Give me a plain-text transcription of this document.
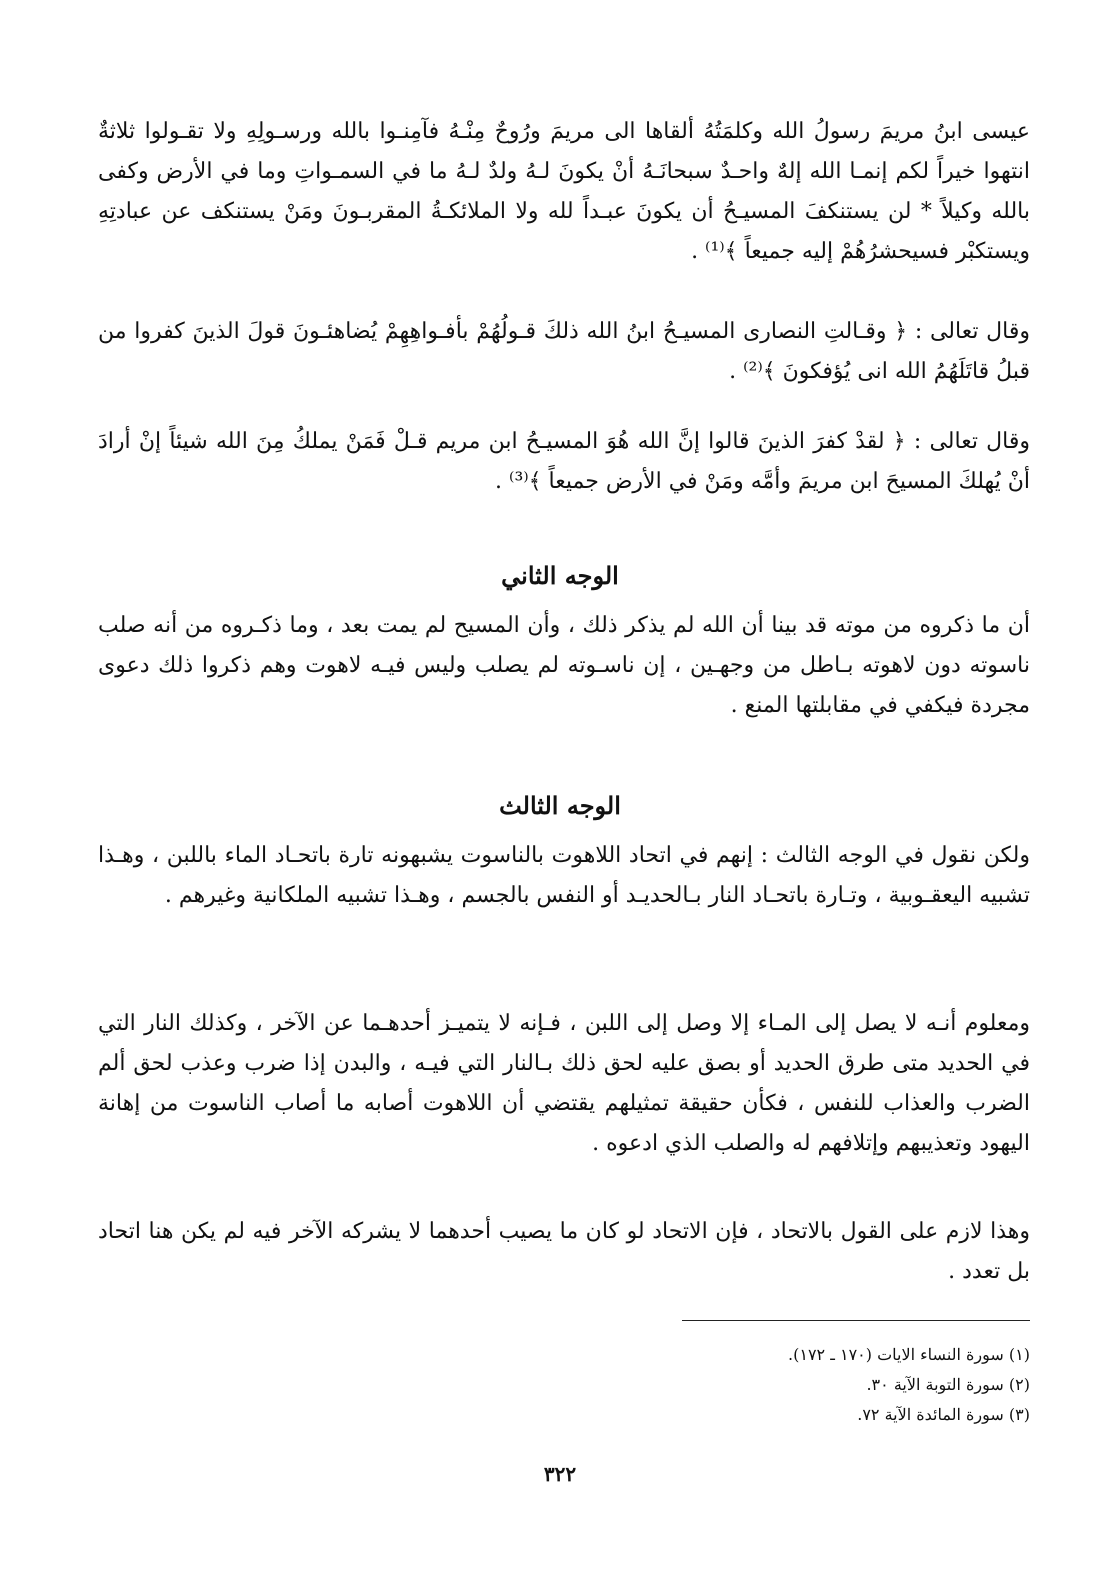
عيسى ابنُ مريمَ رسولُ الله وكلمَتُهُ ألقاها الى مريمَ ورُوحٌ مِنْـهُ فآمِنـوا بالله ورسـولِهِ ولا تقـولوا ثلاثةٌ انتهوا خيراً لكم إنمـا الله إلهٌ واحـدٌ سبحانَـهُ أنْ يكونَ لـهُ ولدٌ لـهُ ما في السمـواتِ وما في الأرض وكفى بالله وكيلاً * لن يستنكفَ المسيـحُ أن يكونَ عبـداً لله ولا الملائكـةُ المقربـونَ ومَنْ يستنكف عن عبادتِهِ ويستكبْر فسيحشرُهُمْ إليه جميعاً ﴾⁽¹⁾ .

وقال تعالى : ﴿ وقـالتِ النصارى المسيـحُ ابنُ الله ذلكَ قـولُهُمْ بأفـواهِهِمْ يُضاهئـونَ قولَ الذينَ كفروا من قبلُ قاتَلَهُمُ الله انى يُؤفكونَ ﴾⁽²⁾ .

وقال تعالى : ﴿ لقدْ كفرَ الذينَ قالوا إنَّ الله هُوَ المسيـحُ ابن مريم قـلْ فَمَنْ يملكُ مِنَ الله شيئاً إنْ أرادَ أنْ يُهلكَ المسيحَ ابن مريمَ وأمَّه ومَنْ في الأرض جميعاً ﴾⁽³⁾ .

الوجه الثاني

أن ما ذكروه من موته قد بينا أن الله لم يذكر ذلك ، وأن المسيح لم يمت بعد ، وما ذكـروه من أنه صلب ناسوته دون لاهوته بـاطل من وجهـين ، إن ناسـوته لم يصلب وليس فيـه لاهوت وهم ذكروا ذلك دعوى مجردة فيكفي في مقابلتها المنع .

الوجه الثالث

ولكن نقول في الوجه الثالث : إنهم في اتحاد اللاهوت بالناسوت يشبهونه تارة باتحـاد الماء باللبن ، وهـذا تشبيه اليعقـوبية ، وتـارة باتحـاد النار بـالحديـد أو النفس بالجسم ، وهـذا تشبيه الملكانية وغيرهم .

ومعلوم أنـه لا يصل إلى المـاء إلا وصل إلى اللبن ، فـإنه لا يتميـز أحدهـما عن الآخر ، وكذلك النار التي في الحديد متى طرق الحديد أو بصق عليه لحق ذلك بـالنار التي فيـه ، والبدن إذا ضرب وعذب لحق ألم الضرب والعذاب للنفس ، فكأن حقيقة تمثيلهم يقتضي أن اللاهوت أصابه ما أصاب الناسوت من إهانة اليهود وتعذيبهم وإتلافهم له والصلب الذي ادعوه .

وهذا لازم على القول بالاتحاد ، فإن الاتحاد لو كان ما يصيب أحدهما لا يشركه الآخر فيه لم يكن هنا اتحاد بل تعدد .

(١) سورة النساء الايات (١٧٠ ـ ١٧٢).
(٢) سورة التوبة الآية ٣٠.
(٣) سورة المائدة الآية ٧٢.
٣٢٢
